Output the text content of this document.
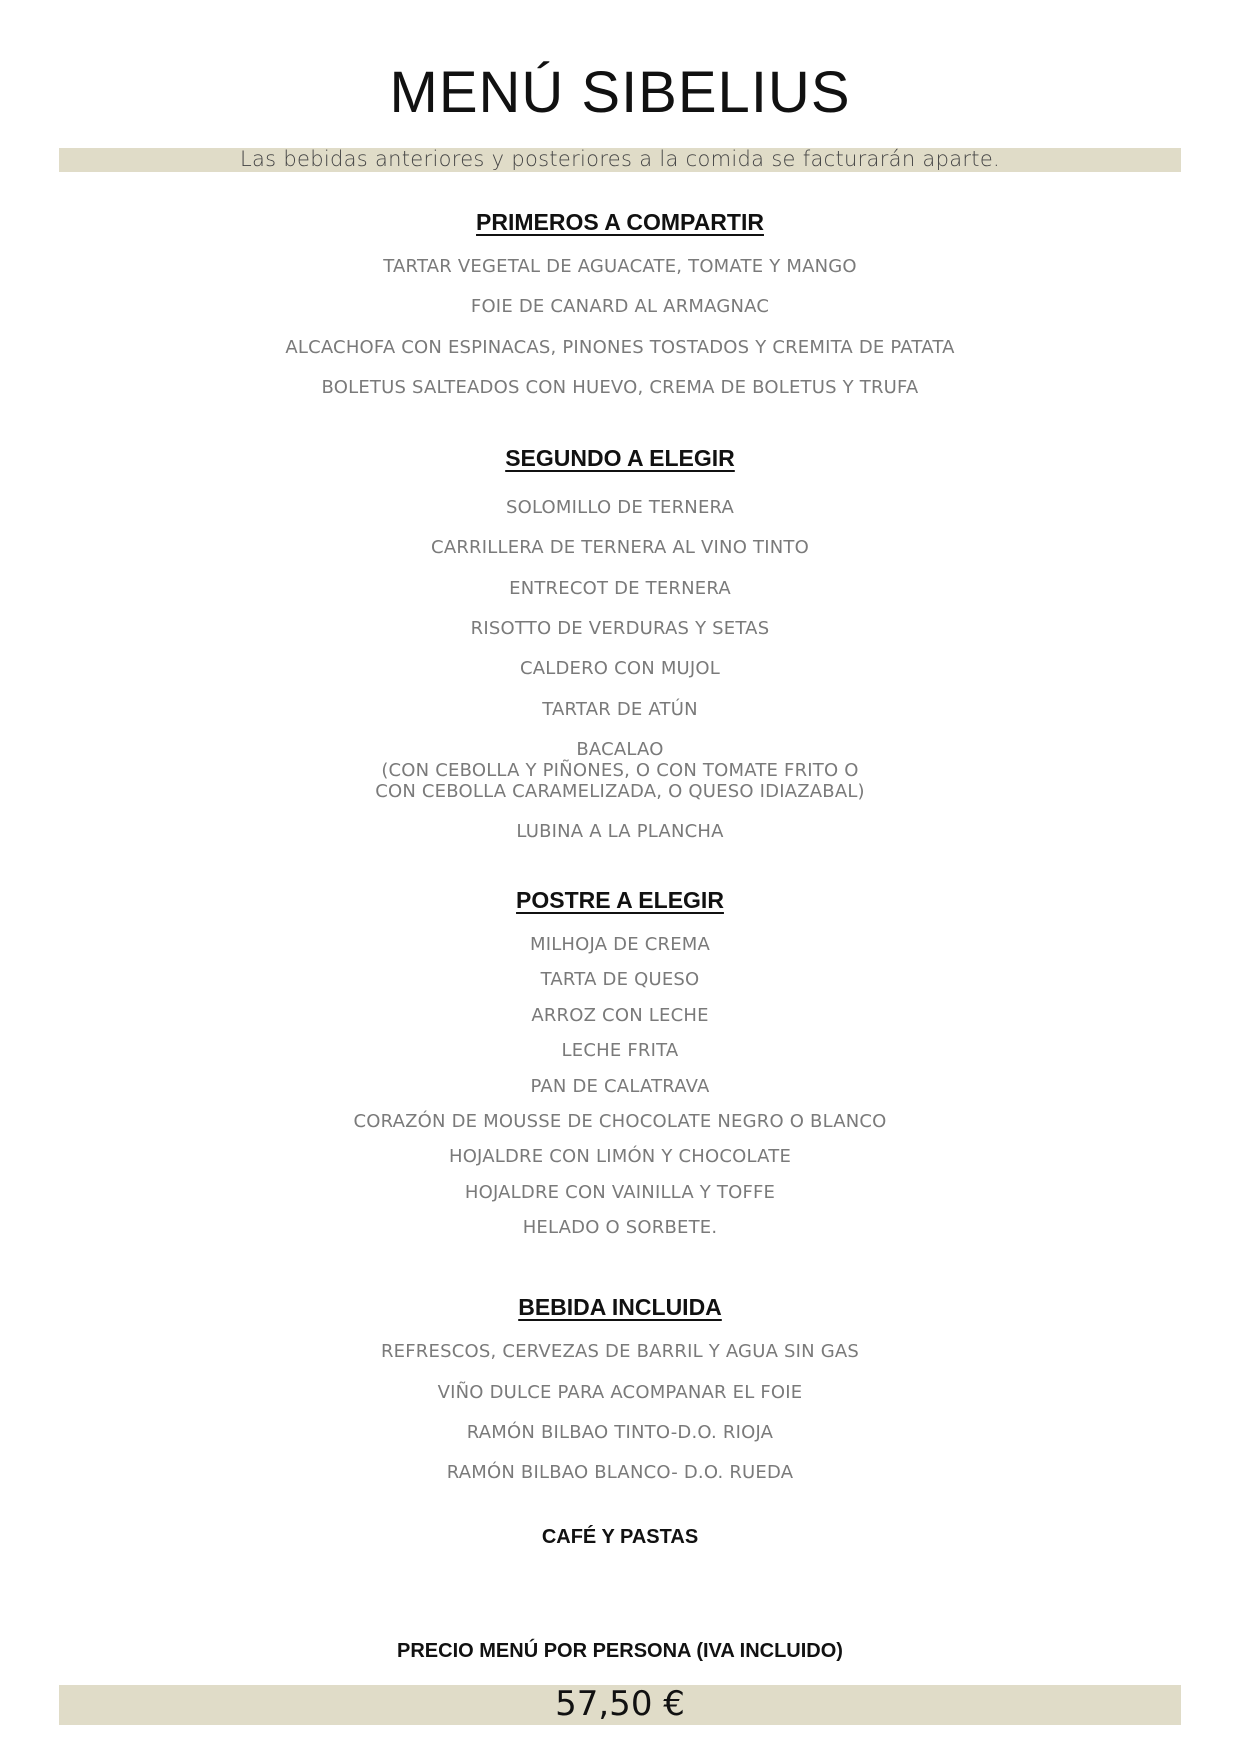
MENÚ SIBELIUS
Las bebidas anteriores y posteriores a la comida se facturarán aparte.
PRIMEROS A COMPARTIR
TARTAR VEGETAL DE AGUACATE, TOMATE Y MANGO
FOIE DE CANARD AL ARMAGNAC
ALCACHOFA CON ESPINACAS, PINONES TOSTADOS Y CREMITA DE PATATA
BOLETUS SALTEADOS CON HUEVO, CREMA DE BOLETUS Y TRUFA
SEGUNDO A ELEGIR
SOLOMILLO DE TERNERA
CARRILLERA DE TERNERA AL VINO TINTO
ENTRECOT DE TERNERA
RISOTTO DE VERDURAS Y SETAS
CALDERO CON MUJOL
TARTAR DE ATÚN
BACALAO
(CON CEBOLLA Y PIÑONES, O CON TOMATE FRITO O
CON CEBOLLA CARAMELIZADA, O QUESO IDIAZABAL)
LUBINA A LA PLANCHA
POSTRE A ELEGIR
MILHOJA DE CREMA
TARTA DE QUESO
ARROZ CON LECHE
LECHE FRITA
PAN DE CALATRAVA
CORAZÓN DE MOUSSE DE CHOCOLATE NEGRO O BLANCO
HOJALDRE CON LIMÓN Y CHOCOLATE
HOJALDRE CON VAINILLA Y TOFFE
HELADO O SORBETE.
BEBIDA INCLUIDA
REFRESCOS, CERVEZAS DE BARRIL Y AGUA SIN GAS
VIÑO DULCE PARA ACOMPANAR EL FOIE
RAMÓN BILBAO TINTO-D.O. RIOJA
RAMÓN BILBAO BLANCO- D.O. RUEDA
CAFÉ Y PASTAS
PRECIO MENÚ POR PERSONA (IVA INCLUIDO)
57,50 €
